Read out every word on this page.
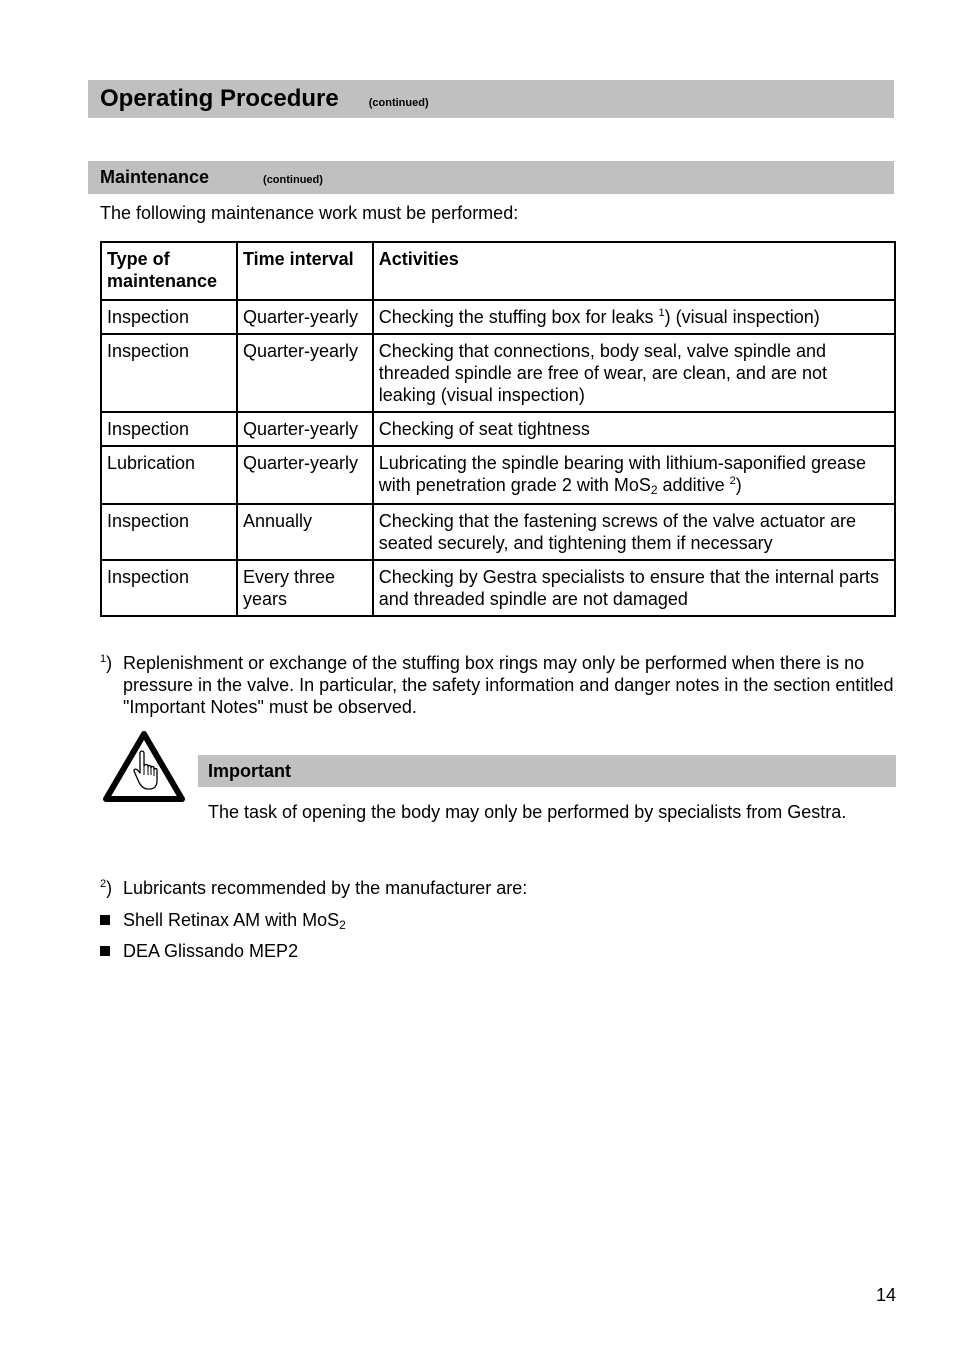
Operating Procedure	(continued)
Maintenance	(continued)
The following maintenance work must be performed:
Type of maintenance	Time interval	Activities
Inspection	Quarter-yearly	Checking the stuffing box for leaks $^1$) (visual inspection)
Inspection	Quarter-yearly	Checking that connections, body seal, valve spindle and threaded spindle are free of wear, are clean, and are not leaking (visual inspection)
Inspection	Quarter-yearly	Checking of seat tightness
Lubrication	Quarter-yearly	Lubricating the spindle bearing with lithium-saponified grease with penetration grade 2 with MoS$_2$ additive $^2$)
Inspection	Annually	Checking that the fastening screws of the valve actuator are seated securely, and tightening them if necessary
Inspection	Every three years	Checking by Gestra specialists to ensure that the internal parts and threaded spindle are not damaged
$^1$) Replenishment or exchange of the stuffing box rings may only be performed when there is no pressure in the valve. In particular, the safety information and danger notes in the section entitled "Important Notes" must be observed.
Important
The task of opening the body may only be performed by specialists from Gestra.
$^2$) Lubricants recommended by the manufacturer are:
Shell Retinax AM with MoS$_2$
DEA Glissando MEP2
14
